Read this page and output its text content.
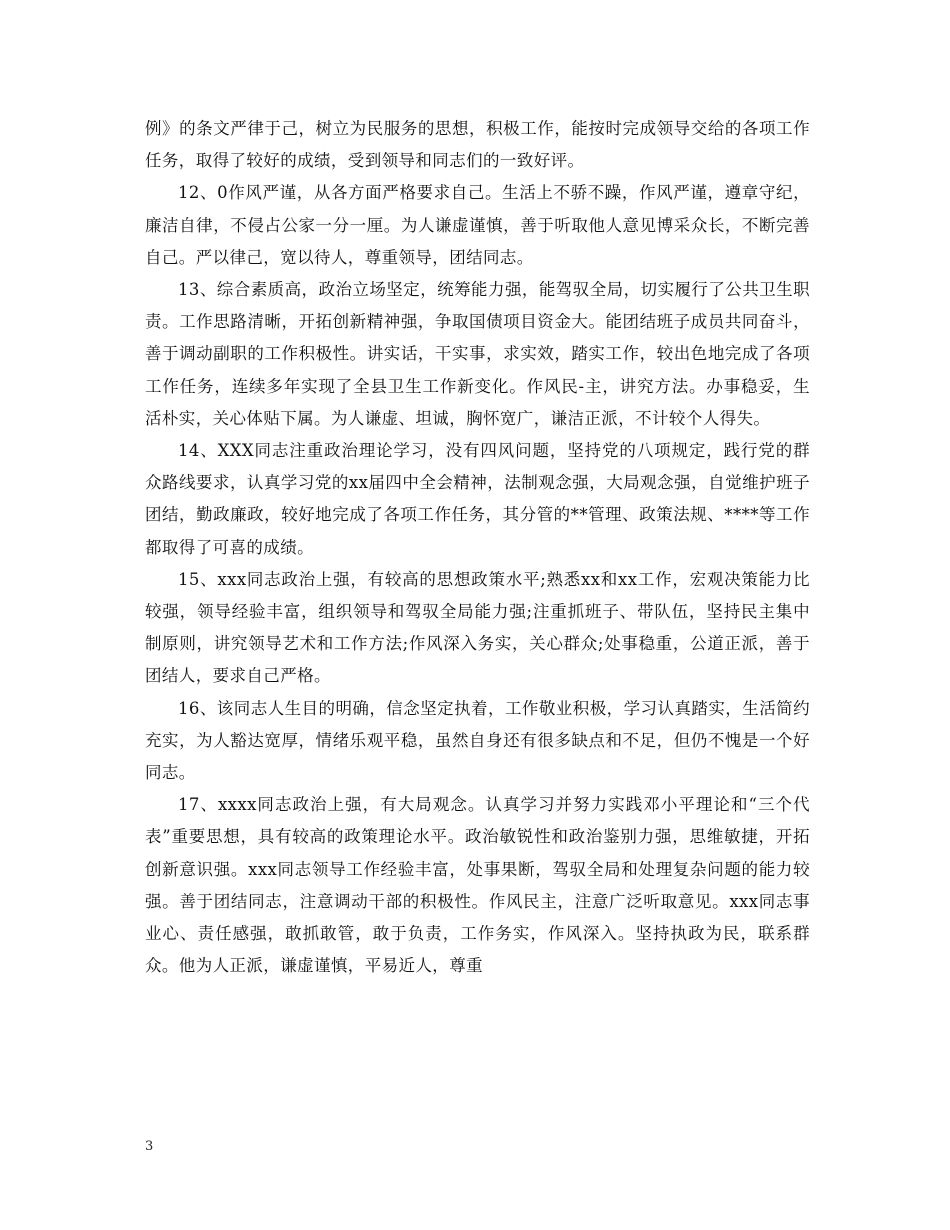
例》的条文严律于己，树立为民服务的思想，积极工作，能按时完成领导交给的各项工作任务，取得了较好的成绩，受到领导和同志们的一致好评。

12、0作风严谨，从各方面严格要求自己。生活上不骄不躁，作风严谨，遵章守纪，廉洁自律，不侵占公家一分一厘。为人谦虚谨慎，善于听取他人意见博采众长，不断完善自己。严以律己，宽以待人，尊重领导，团结同志。

13、综合素质高，政治立场坚定，统筹能力强，能驾驭全局，切实履行了公共卫生职责。工作思路清晰，开拓创新精神强，争取国债项目资金大。能团结班子成员共同奋斗，善于调动副职的工作积极性。讲实话，干实事，求实效，踏实工作，较出色地完成了各项工作任务，连续多年实现了全县卫生工作新变化。作风民-主，讲究方法。办事稳妥，生活朴实，关心体贴下属。为人谦虚、坦诚，胸怀宽广，谦洁正派，不计较个人得失。

14、XXX同志注重政治理论学习，没有四风问题，坚持党的八项规定，践行党的群众路线要求，认真学习党的xx届四中全会精神，法制观念强，大局观念强，自觉维护班子团结，勤政廉政，较好地完成了各项工作任务，其分管的**管理、政策法规、****等工作都取得了可喜的成绩。

15、xxx同志政治上强，有较高的思想政策水平;熟悉xx和xx工作，宏观决策能力比较强，领导经验丰富，组织领导和驾驭全局能力强;注重抓班子、带队伍，坚持民主集中制原则，讲究领导艺术和工作方法;作风深入务实，关心群众;处事稳重，公道正派，善于团结人，要求自己严格。

16、该同志人生目的明确，信念坚定执着，工作敬业积极，学习认真踏实，生活简约充实，为人豁达宽厚，情绪乐观平稳，虽然自身还有很多缺点和不足，但仍不愧是一个好同志。

17、xxxx同志政治上强，有大局观念。认真学习并努力实践邓小平理论和“三个代表”重要思想，具有较高的政策理论水平。政治敏锐性和政治鉴别力强，思维敏捷，开拓创新意识强。xxx同志领导工作经验丰富，处事果断，驾驭全局和处理复杂问题的能力较强。善于团结同志，注意调动干部的积极性。作风民主，注意广泛听取意见。xxx同志事业心、责任感强，敢抓敢管，敢于负责，工作务实，作风深入。坚持执政为民，联系群众。他为人正派，谦虚谨慎，平易近人，尊重

3
